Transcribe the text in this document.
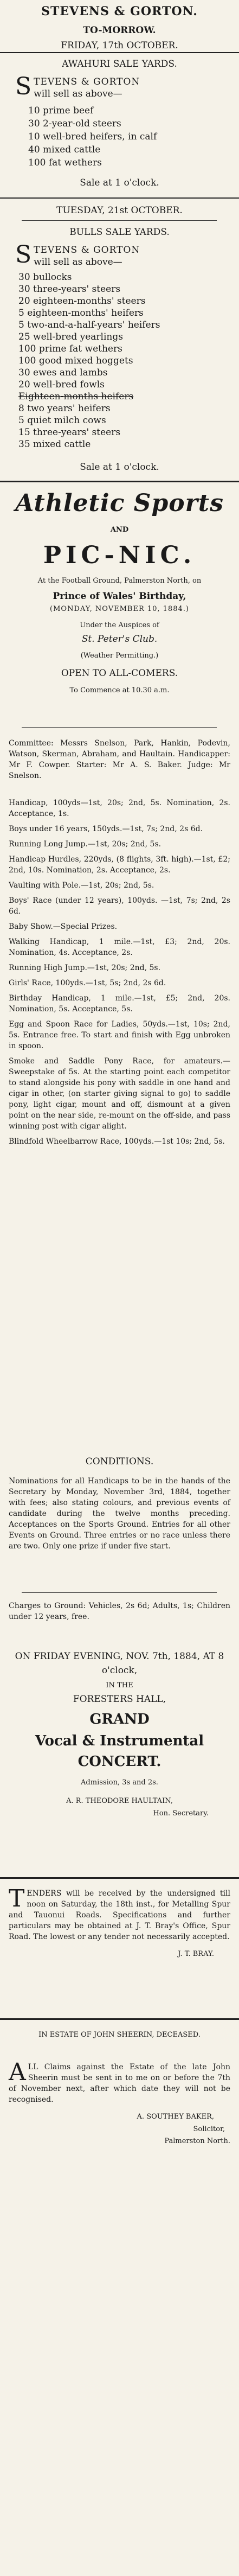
STEVENS & GORTON.

TO-MORROW.

FRIDAY, 17th OCTOBER.

AWAHURI SALE YARDS.

S TEVENS & GORTON

will sell as above—

10 prime beef

30 2-year-old steers

10 well-bred heifers, in calf

40 mixed cattle

100 fat wethers

Sale at 1 o'clock.

TUESDAY, 21st OCTOBER.

BULLS SALE YARDS.

S TEVENS & GORTON

will sell as above—

30 bullocks

30 three-years' steers

20 eighteen-months' steers

5 eighteen-months' heifers

5 two-and-a-half-years' heifers

25 well-bred yearlings

100 prime fat wethers

100 good mixed hoggets

30 ewes and lambs

20 well-bred fowls

Eighteen-months heifers

8 two years' heifers

5 quiet milch cows

15 three-years' steers

35 mixed cattle

Sale at 1 o'clock.

Athletic Sports

AND

PIC-NIC.

At the Football Ground, Palmerston North, on

Prince of Wales' Birthday,

(MONDAY, NOVEMBER 10, 1884.)

Under the Auspices of

St. Peter's Club.

(Weather Permitting.)

OPEN TO ALL-COMERS.

To Commence at 10.30 a.m.

Committee: Messrs Snelson, Park, Hankin, Podevin, Watson, Skerman, Abraham, and Haultain. Handicapper: Mr F. Cowper. Starter: Mr A. S. Baker. Judge: Mr Snelson.

Handicap, 100yds—1st, 20s; 2nd, 5s. Nomination, 2s. Acceptance, 1s.

Boys under 16 years, 150yds.—1st, 7s; 2nd, 2s 6d.

Running Long Jump.—1st, 20s; 2nd, 5s.

Handicap Hurdles, 220yds, (8 flights, 3ft. high).—1st, £2; 2nd, 10s. Nomination, 2s. Acceptance, 2s.

Vaulting with Pole.—1st, 20s; 2nd, 5s.

Boys' Race (under 12 years), 100yds. —1st, 7s; 2nd, 2s 6d.

Baby Show.—Special Prizes.

Walking Handicap, 1 mile.—1st, £3; 2nd, 20s. Nomination, 4s. Acceptance, 2s.

Running High Jump.—1st, 20s; 2nd, 5s.

Girls' Race, 100yds.—1st, 5s; 2nd, 2s 6d.

Birthday Handicap, 1 mile.—1st, £5; 2nd, 20s. Nomination, 5s. Acceptance, 5s.

Egg and Spoon Race for Ladies, 50yds.—1st, 10s; 2nd, 5s. Entrance free. To start and finish with Egg unbroken in spoon.

Smoke and Saddle Pony Race, for amateurs.—Sweepstake of 5s. At the starting point each competitor to stand alongside his pony with saddle in one hand and cigar in other, (on starter giving signal to go) to saddle pony, light cigar, mount and off, dismount at a given point on the near side, re-mount on the off-side, and pass winning post with cigar alight.

Blindfold Wheelbarrow Race, 100yds.—1st 10s; 2nd, 5s.

CONDITIONS.

Nominations for all Handicaps to be in the hands of the Secretary by Monday, November 3rd, 1884, together with fees; also stating colours, and previous events of candidate during the twelve months preceding. Acceptances on the Sports Ground. Entries for all other Events on Ground. Three entries or no race unless there are two. Only one prize if under five start.

Charges to Ground: Vehicles, 2s 6d; Adults, 1s; Children under 12 years, free.

ON FRIDAY EVENING, NOV. 7th, 1884, AT 8 o'clock,

IN THE

FORESTERS HALL,

GRAND

Vocal & Instrumental CONCERT.

Admission, 3s and 2s.

A. R. THEODORE HAULTAIN,

Hon. Secretary.

T ENDERS will be received by the undersigned till noon on Saturday, the 18th inst., for Metalling Spur and Tauonui Roads. Specifications and further particulars may be obtained at J. T. Bray's Office, Spur Road. The lowest or any tender not necessarily accepted.

J. T. BRAY.

IN ESTATE OF JOHN SHEERIN, DECEASED.

A LL Claims against the Estate of the late John Sheerin must be sent in to me on or before the 7th of November next, after which date they will not be recognised.

A. SOUTHEY BAKER,

Solicitor,

Palmerston North.
